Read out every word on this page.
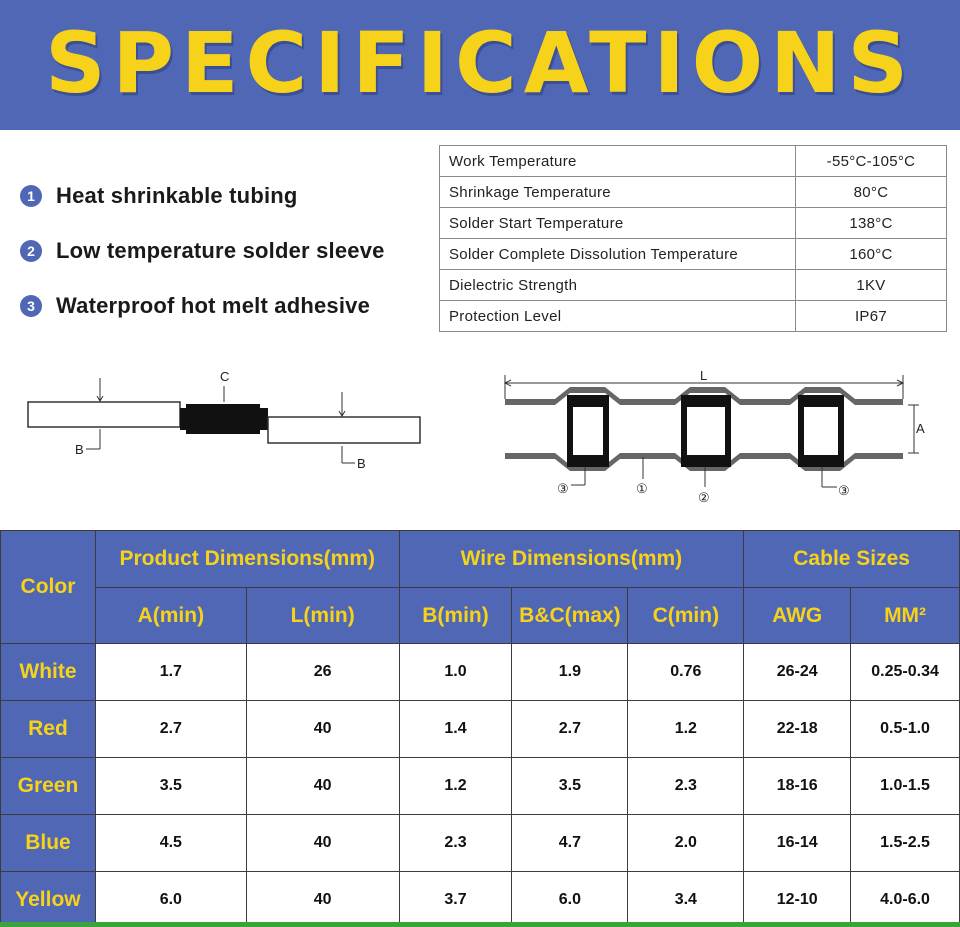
SPECIFICATIONS
1 Heat shrinkable tubing
2 Low temperature solder sleeve
3 Waterproof hot melt adhesive
Work Temperature	-55°C-105°C
Shrinkage Temperature	80°C
Solder Start Temperature	138°C
Solder Complete Dissolution Temperature	160°C
Dielectric Strength	1KV
Protection Level	IP67
B
C
B
L
A
③	①
②	③
Color	Product Dimensions(mm)		Wire Dimensions(mm)			Cable Sizes	
	A(min)	L(min)	B(min)	B&C(max)	C(min)	AWG	MM²
White	1.7	26	1.0	1.9	0.76	26-24	0.25-0.34
Red	2.7	40	1.4	2.7	1.2	22-18	0.5-1.0
Green	3.5	40	1.2	3.5	2.3	18-16	1.0-1.5
Blue	4.5	40	2.3	4.7	2.0	16-14	1.5-2.5
Yellow	6.0	40	3.7	6.0	3.4	12-10	4.0-6.0
